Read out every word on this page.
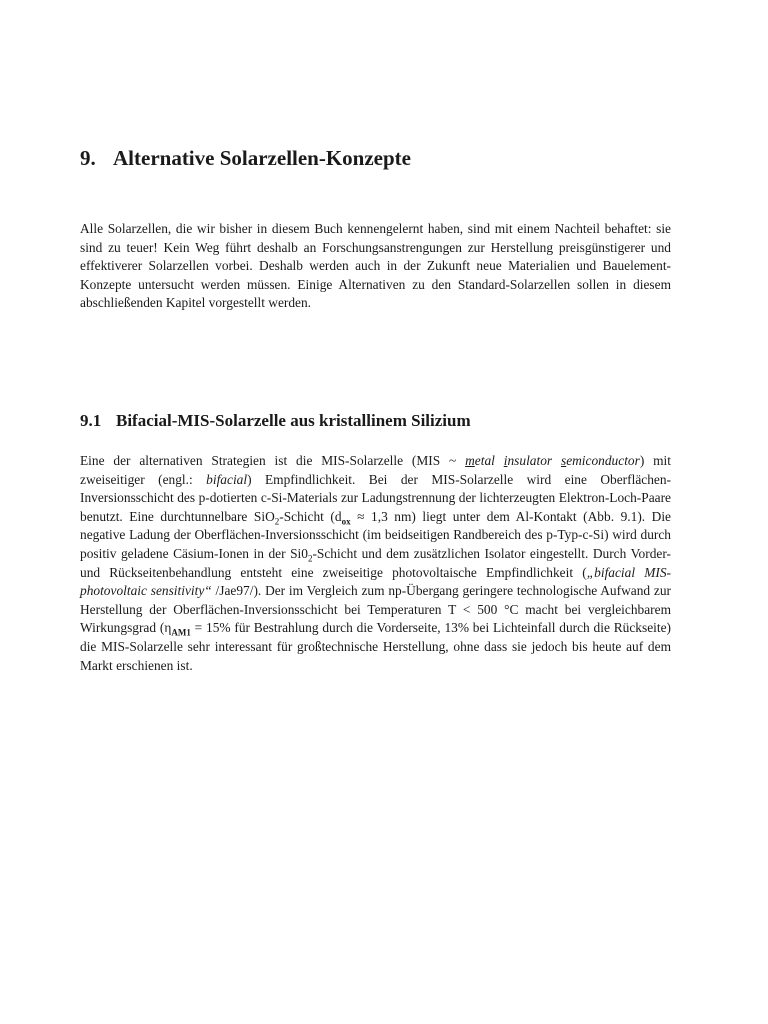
9. Alternative Solarzellen-Konzepte

Alle Solarzellen, die wir bisher in diesem Buch kennengelernt haben, sind mit einem Nachteil behaftet: sie sind zu teuer! Kein Weg führt deshalb an Forschungsanstrengungen zur Herstellung preisgünstigerer und effektiverer Solarzellen vorbei. Deshalb werden auch in der Zukunft neue Materialien und Bauelement-Konzepte untersucht werden müssen. Einige Alternativen zu den Standard-Solarzellen sollen in diesem abschließenden Kapitel vorgestellt werden.

9.1 Bifacial-MIS-Solarzelle aus kristallinem Silizium

Eine der alternativen Strategien ist die MIS-Solarzelle (MIS ~ metal insulator semiconductor) mit zweiseitiger (engl.: bifacial) Empfindlichkeit. Bei der MIS-Solarzelle wird eine Oberflächen-Inversionsschicht des p-dotierten c-Si-Materials zur Ladungstrennung der lichterzeugten Elektron-Loch-Paare benutzt. Eine durchtunnelbare SiO$_2$-Schicht ($d_{ox} \approx 1,3$ nm) liegt unter dem Al-Kontakt (Abb. 9.1). Die negative Ladung der Oberflächen-Inversionsschicht (im beidseitigen Randbereich des p-Typ-c-Si) wird durch positiv geladene Cäsium-Ionen in der $Si0_2$-Schicht und dem zusätzlichen Isolator eingestellt. Durch Vorder- und Rückseitenbehandlung entsteht eine zweiseitige photovoltaische Empfindlichkeit („bifacial MIS-photovoltaic sensitivity“ /Jae97/). Der im Vergleich zum np-Übergang geringere technologische Aufwand zur Herstellung der Oberflächen-Inversionsschicht bei Temperaturen T < 500 °C macht bei vergleichbarem Wirkungsgrad ($\eta_{AM1} = 15\%$ für Bestrahlung durch die Vorderseite, 13% bei Lichteinfall durch die Rückseite) die MIS-Solarzelle sehr interessant für großtechnische Herstellung, ohne dass sie jedoch bis heute auf dem Markt erschienen ist.
